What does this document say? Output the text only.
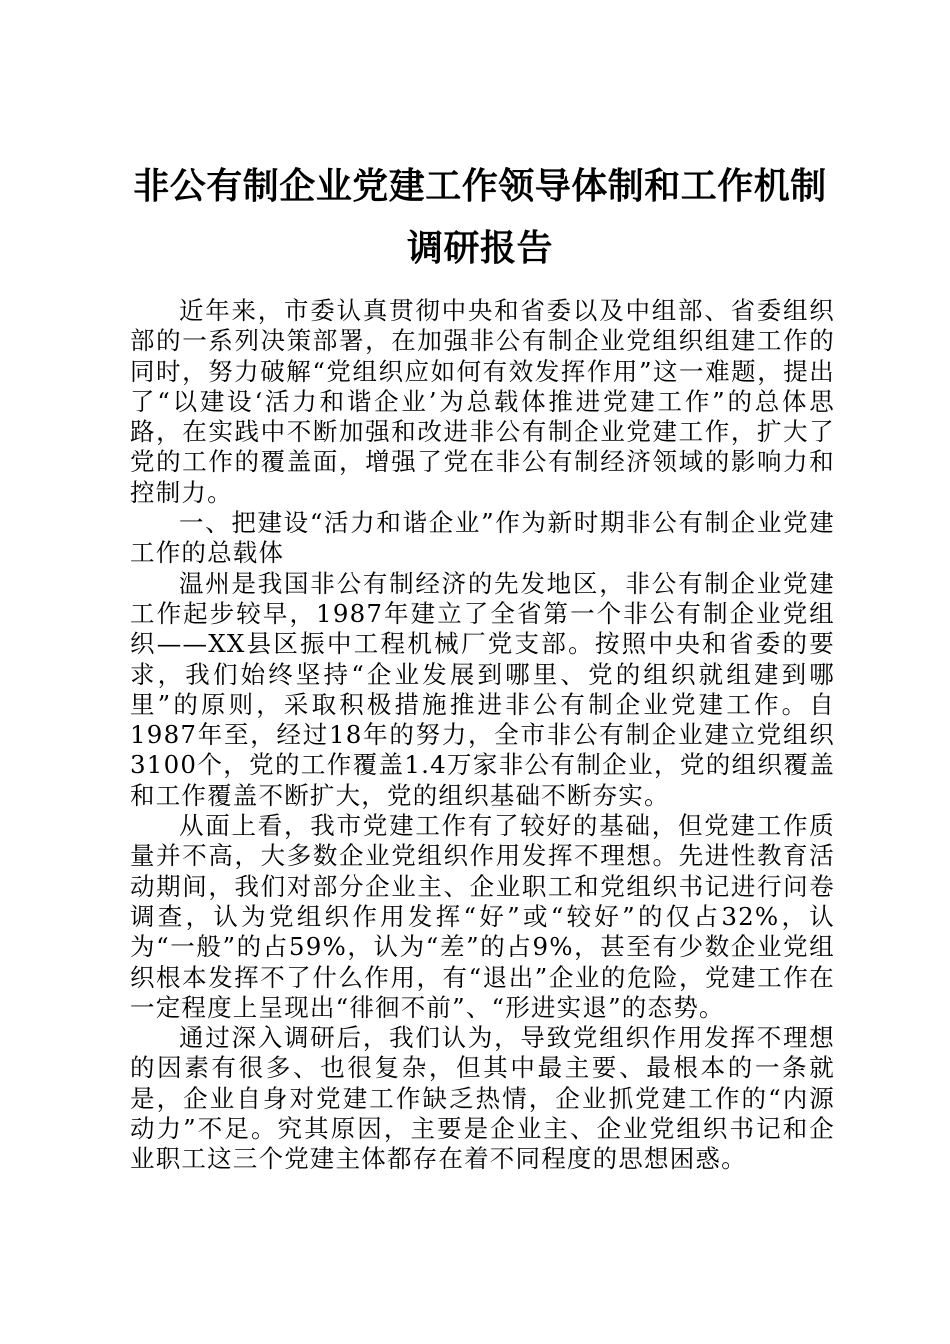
非公有制企业党建工作领导体制和工作机制调研报告

近年来，市委认真贯彻中央和省委以及中组部、省委组织部的一系列决策部署，在加强非公有制企业党组织组建工作的同时，努力破解“党组织应如何有效发挥作用”这一难题，提出了“以建设‘活力和谐企业’为总载体推进党建工作”的总体思路，在实践中不断加强和改进非公有制企业党建工作，扩大了党的工作的覆盖面，增强了党在非公有制经济领域的影响力和控制力。

一、把建设“活力和谐企业”作为新时期非公有制企业党建工作的总载体

温州是我国非公有制经济的先发地区，非公有制企业党建工作起步较早，1987年建立了全省第一个非公有制企业党组织——XX县区振中工程机械厂党支部。按照中央和省委的要求，我们始终坚持“企业发展到哪里、党的组织就组建到哪里”的原则，采取积极措施推进非公有制企业党建工作。自1987年至，经过18年的努力，全市非公有制企业建立党组织3100个，党的工作覆盖1.4万家非公有制企业，党的组织覆盖和工作覆盖不断扩大，党的组织基础不断夯实。

从面上看，我市党建工作有了较好的基础，但党建工作质量并不高，大多数企业党组织作用发挥不理想。先进性教育活动期间，我们对部分企业主、企业职工和党组织书记进行问卷调查，认为党组织作用发挥“好”或“较好”的仅占32%，认为“一般”的占59%，认为“差”的占9%，甚至有少数企业党组织根本发挥不了什么作用，有“退出”企业的危险，党建工作在一定程度上呈现出“徘徊不前”、“形进实退”的态势。

通过深入调研后，我们认为，导致党组织作用发挥不理想的因素有很多、也很复杂，但其中最主要、最根本的一条就是，企业自身对党建工作缺乏热情，企业抓党建工作的“内源动力”不足。究其原因，主要是企业主、企业党组织书记和企业职工这三个党建主体都存在着不同程度的思想困惑。
